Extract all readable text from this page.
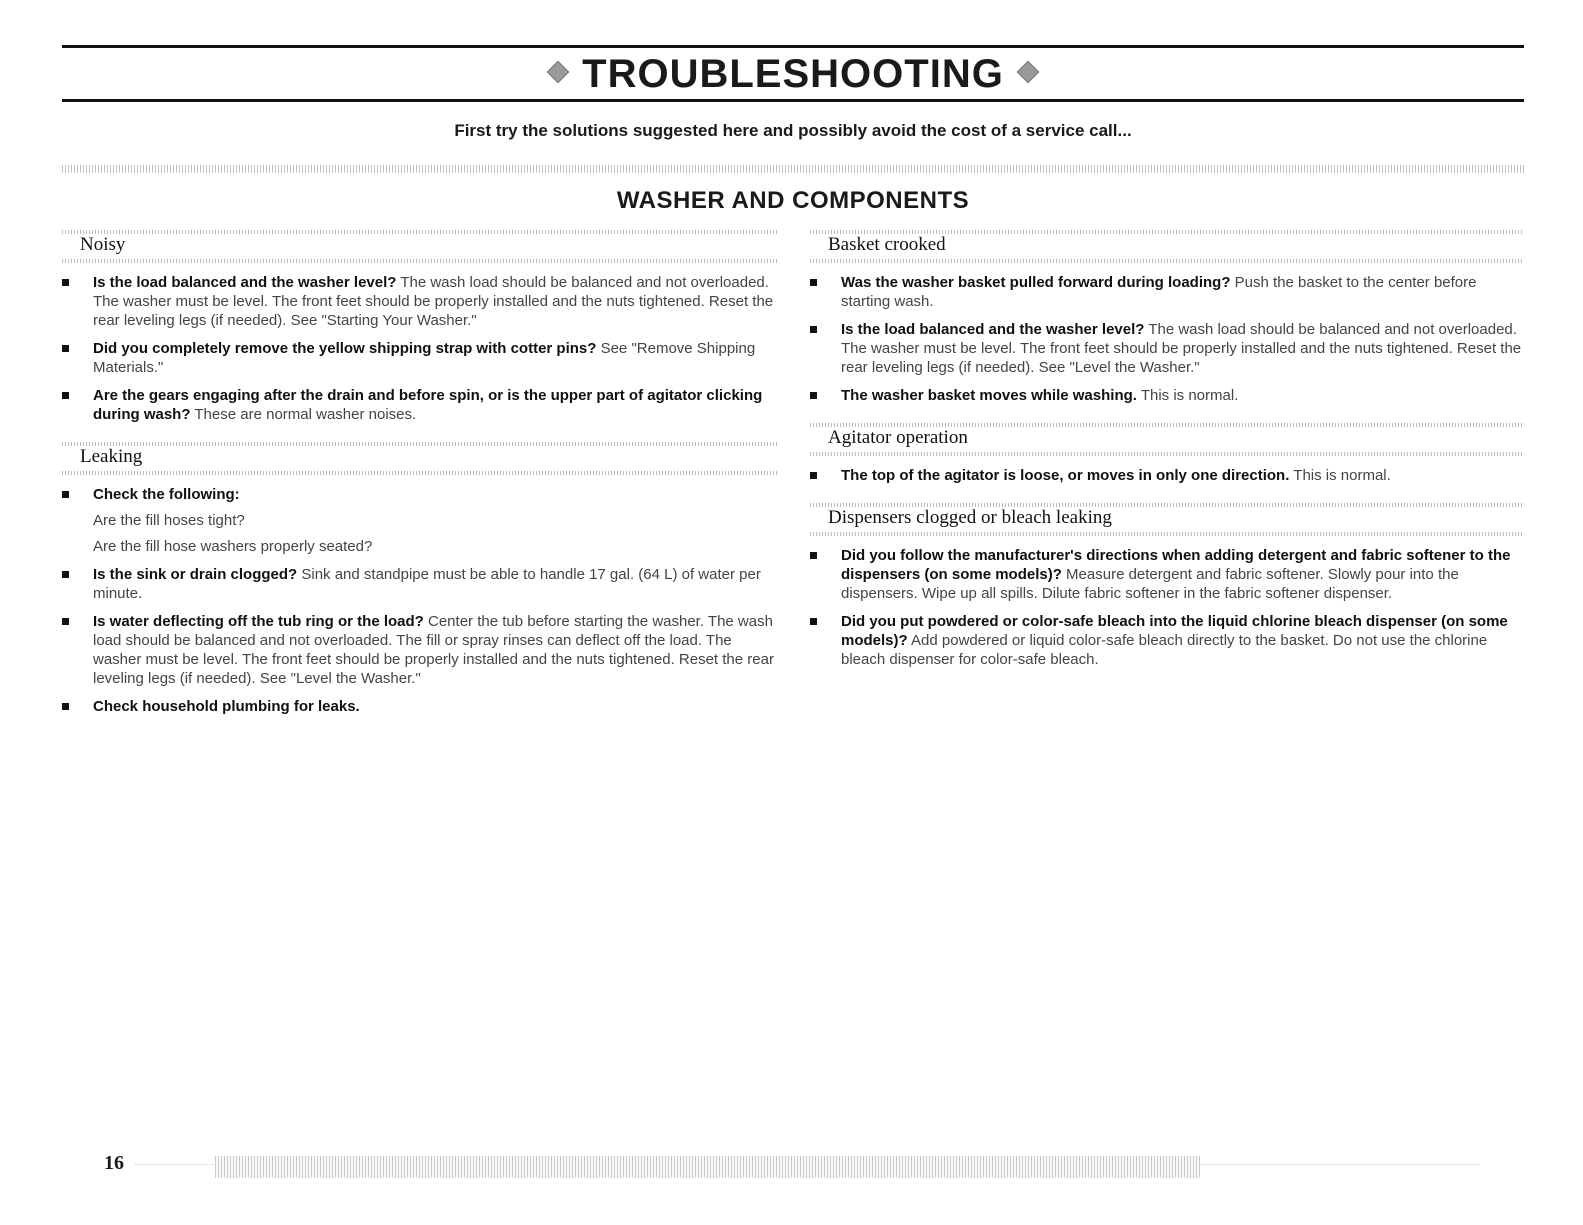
TROUBLESHOOTING
First try the solutions suggested here and possibly avoid the cost of a service call...
WASHER AND COMPONENTS
Noisy
Is the load balanced and the washer level? The wash load should be balanced and not overloaded. The washer must be level. The front feet should be properly installed and the nuts tightened. Reset the rear leveling legs (if needed). See "Starting Your Washer."
Did you completely remove the yellow shipping strap with cotter pins? See "Remove Shipping Materials."
Are the gears engaging after the drain and before spin, or is the upper part of agitator clicking during wash? These are normal washer noises.
Leaking
Check the following:
Are the fill hoses tight?
Are the fill hose washers properly seated?
Is the sink or drain clogged? Sink and standpipe must be able to handle 17 gal. (64 L) of water per minute.
Is water deflecting off the tub ring or the load? Center the tub before starting the washer. The wash load should be balanced and not overloaded. The fill or spray rinses can deflect off the load. The washer must be level. The front feet should be properly installed and the nuts tightened. Reset the rear leveling legs (if needed). See "Level the Washer."
Check household plumbing for leaks.
Basket crooked
Was the washer basket pulled forward during loading? Push the basket to the center before starting wash.
Is the load balanced and the washer level? The wash load should be balanced and not overloaded. The washer must be level. The front feet should be properly installed and the nuts tightened. Reset the rear leveling legs (if needed). See "Level the Washer."
The washer basket moves while washing. This is normal.
Agitator operation
The top of the agitator is loose, or moves in only one direction. This is normal.
Dispensers clogged or bleach leaking
Did you follow the manufacturer's directions when adding detergent and fabric softener to the dispensers (on some models)? Measure detergent and fabric softener. Slowly pour into the dispensers. Wipe up all spills. Dilute fabric softener in the fabric softener dispenser.
Did you put powdered or color-safe bleach into the liquid chlorine bleach dispenser (on some models)? Add powdered or liquid color-safe bleach directly to the basket. Do not use the chlorine bleach dispenser for color-safe bleach.
16
